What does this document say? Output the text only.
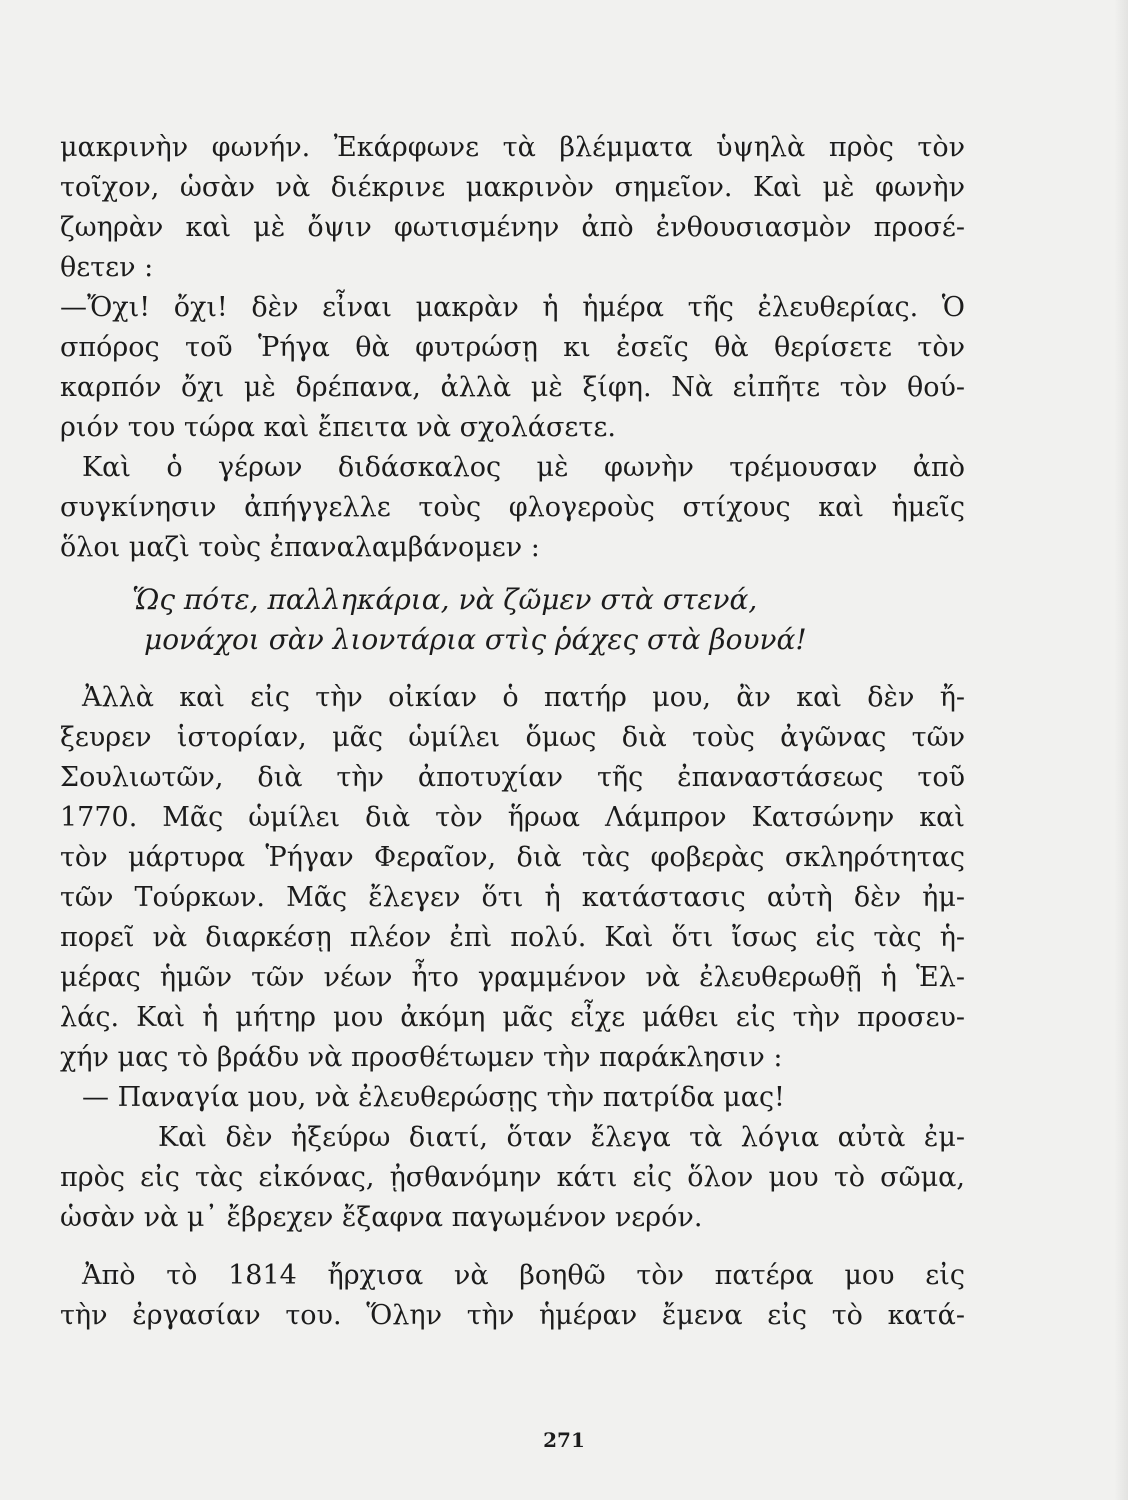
μακρινὴν φωνήν. Ἐκάρφωνε τὰ βλέμματα ὑψηλὰ πρὸς τὸν
τοῖχον, ὡσὰν νὰ διέκρινε μακρινὸν σημεῖον. Καὶ μὲ φωνὴν
ζωηρὰν καὶ μὲ ὄψιν φωτισμένην ἀπὸ ἐνθουσιασμὸν προσέ-
θετεν :
—Ὄχι! ὄχι! δὲν εἶναι μακρὰν ἡ ἡμέρα τῆς ἐλευθερίας. Ὁ
σπόρος τοῦ Ῥήγα θὰ φυτρώσῃ κι ἐσεῖς θὰ θερίσετε τὸν
καρπόν ὄχι μὲ δρέπανα, ἀλλὰ μὲ ξίφη. Νὰ εἰπῆτε τὸν θού-
ριόν του τώρα καὶ ἔπειτα νὰ σχολάσετε.
Καὶ ὁ γέρων διδάσκαλος μὲ φωνὴν τρέμουσαν ἀπὸ
συγκίνησιν ἀπήγγελλε τοὺς φλογεροὺς στίχους καὶ ἡμεῖς
ὅλοι μαζὶ τοὺς ἐπαναλαμβάνομεν :
Ὥς πότε, παλληκάρια, νὰ ζῶμεν στὰ στενά,
μονάχοι σὰν λιοντάρια στὶς ῥάχες στὰ βουνά!
Ἀλλὰ καὶ εἰς τὴν οἰκίαν ὁ πατήρ μου, ἂν καὶ δὲν ἤ-
ξευρεν ἱστορίαν, μᾶς ὡμίλει ὅμως διὰ τοὺς ἀγῶνας τῶν
Σουλιωτῶν, διὰ τὴν ἀποτυχίαν τῆς ἐπαναστάσεως τοῦ
1770. Μᾶς ὡμίλει διὰ τὸν ἥρωα Λάμπρον Κατσώνην καὶ
τὸν μάρτυρα Ῥήγαν Φεραῖον, διὰ τὰς φοβερὰς σκληρότητας
τῶν Τούρκων. Μᾶς ἔλεγεν ὅτι ἡ κατάστασις αὐτὴ δὲν ἠμ-
πορεῖ νὰ διαρκέσῃ πλέον ἐπὶ πολύ. Καὶ ὅτι ἴσως εἰς τὰς ἡ-
μέρας ἡμῶν τῶν νέων ἦτο γραμμένον νὰ ἐλευθερωθῇ ἡ Ἑλ-
λάς. Καὶ ἡ μήτηρ μου ἀκόμη μᾶς εἶχε μάθει εἰς τὴν προσευ-
χήν μας τὸ βράδυ νὰ προσθέτωμεν τὴν παράκλησιν :
— Παναγία μου, νὰ ἐλευθερώσῃς τὴν πατρίδα μας!
Καὶ δὲν ἠξεύρω διατί, ὅταν ἔλεγα τὰ λόγια αὐτὰ ἐμ-
πρὸς εἰς τὰς εἰκόνας, ᾐσθανόμην κάτι εἰς ὅλον μου τὸ σῶμα,
ὡσὰν νὰ μ᾿ ἔβρεχεν ἔξαφνα παγωμένον νερόν.
Ἀπὸ τὸ 1814 ἤρχισα νὰ βοηθῶ τὸν πατέρα μου εἰς
τὴν ἐργασίαν του. Ὅλην τὴν ἡμέραν ἔμενα εἰς τὸ κατά-
271
